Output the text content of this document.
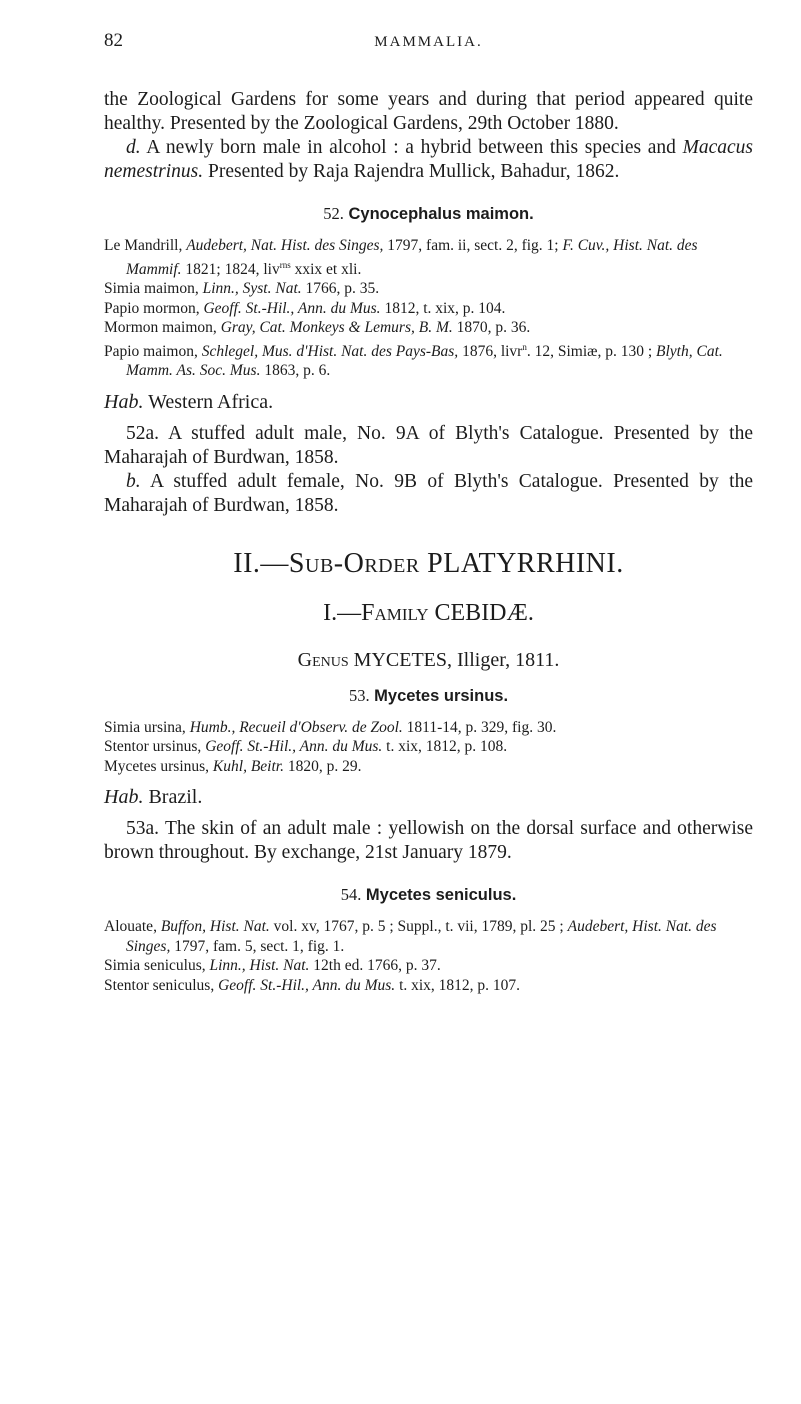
82	MAMMALIA.

the Zoological Gardens for some years and during that period appeared quite healthy. Presented by the Zoological Gardens, 29th October 1880.

d. A newly born male in alcohol : a hybrid between this species and Macacus nemestrinus. Presented by Raja Rajendra Mullick, Bahadur, 1862.

52. Cynocephalus maimon.

Le Mandrill, Audebert, Nat. Hist. des Singes, 1797, fam. ii, sect. 2, fig. 1; F. Cuv., Hist. Nat. des Mammif. 1821; 1824, liv$^{rns}$ xxix et xli.

Simia maimon, Linn., Syst. Nat. 1766, p. 35.

Papio mormon, Geoff. St.-Hil., Ann. du Mus. 1812, t. xix, p. 104.

Mormon maimon, Gray, Cat. Monkeys & Lemurs, B. M. 1870, p. 36.

Papio maimon, Schlegel, Mus. d'Hist. Nat. des Pays-Bas, 1876, livr$^n$. 12, Simiæ, p. 130 ; Blyth, Cat. Mamm. As. Soc. Mus. 1863, p. 6.

Hab. Western Africa.

52a. A stuffed adult male, No. 9A of Blyth's Catalogue. Presented by the Maharajah of Burdwan, 1858.

b. A stuffed adult female, No. 9B of Blyth's Catalogue. Presented by the Maharajah of Burdwan, 1858.

II.—Sub-Order PLATYRRHINI.
I.—Family CEBIDÆ.
Genus MYCETES, Illiger, 1811.
53. Mycetes ursinus.

Simia ursina, Humb., Recueil d'Observ. de Zool. 1811-14, p. 329, fig. 30.

Stentor ursinus, Geoff. St.-Hil., Ann. du Mus. t. xix, 1812, p. 108.

Mycetes ursinus, Kuhl, Beitr. 1820, p. 29.

Hab. Brazil.

53a. The skin of an adult male : yellowish on the dorsal surface and otherwise brown throughout. By exchange, 21st January 1879.

54. Mycetes seniculus.

Alouate, Buffon, Hist. Nat. vol. xv, 1767, p. 5 ; Suppl., t. vii, 1789, pl. 25 ; Audebert, Hist. Nat. des Singes, 1797, fam. 5, sect. 1, fig. 1.

Simia seniculus, Linn., Hist. Nat. 12th ed. 1766, p. 37.

Stentor seniculus, Geoff. St.-Hil., Ann. du Mus. t. xix, 1812, p. 107.
